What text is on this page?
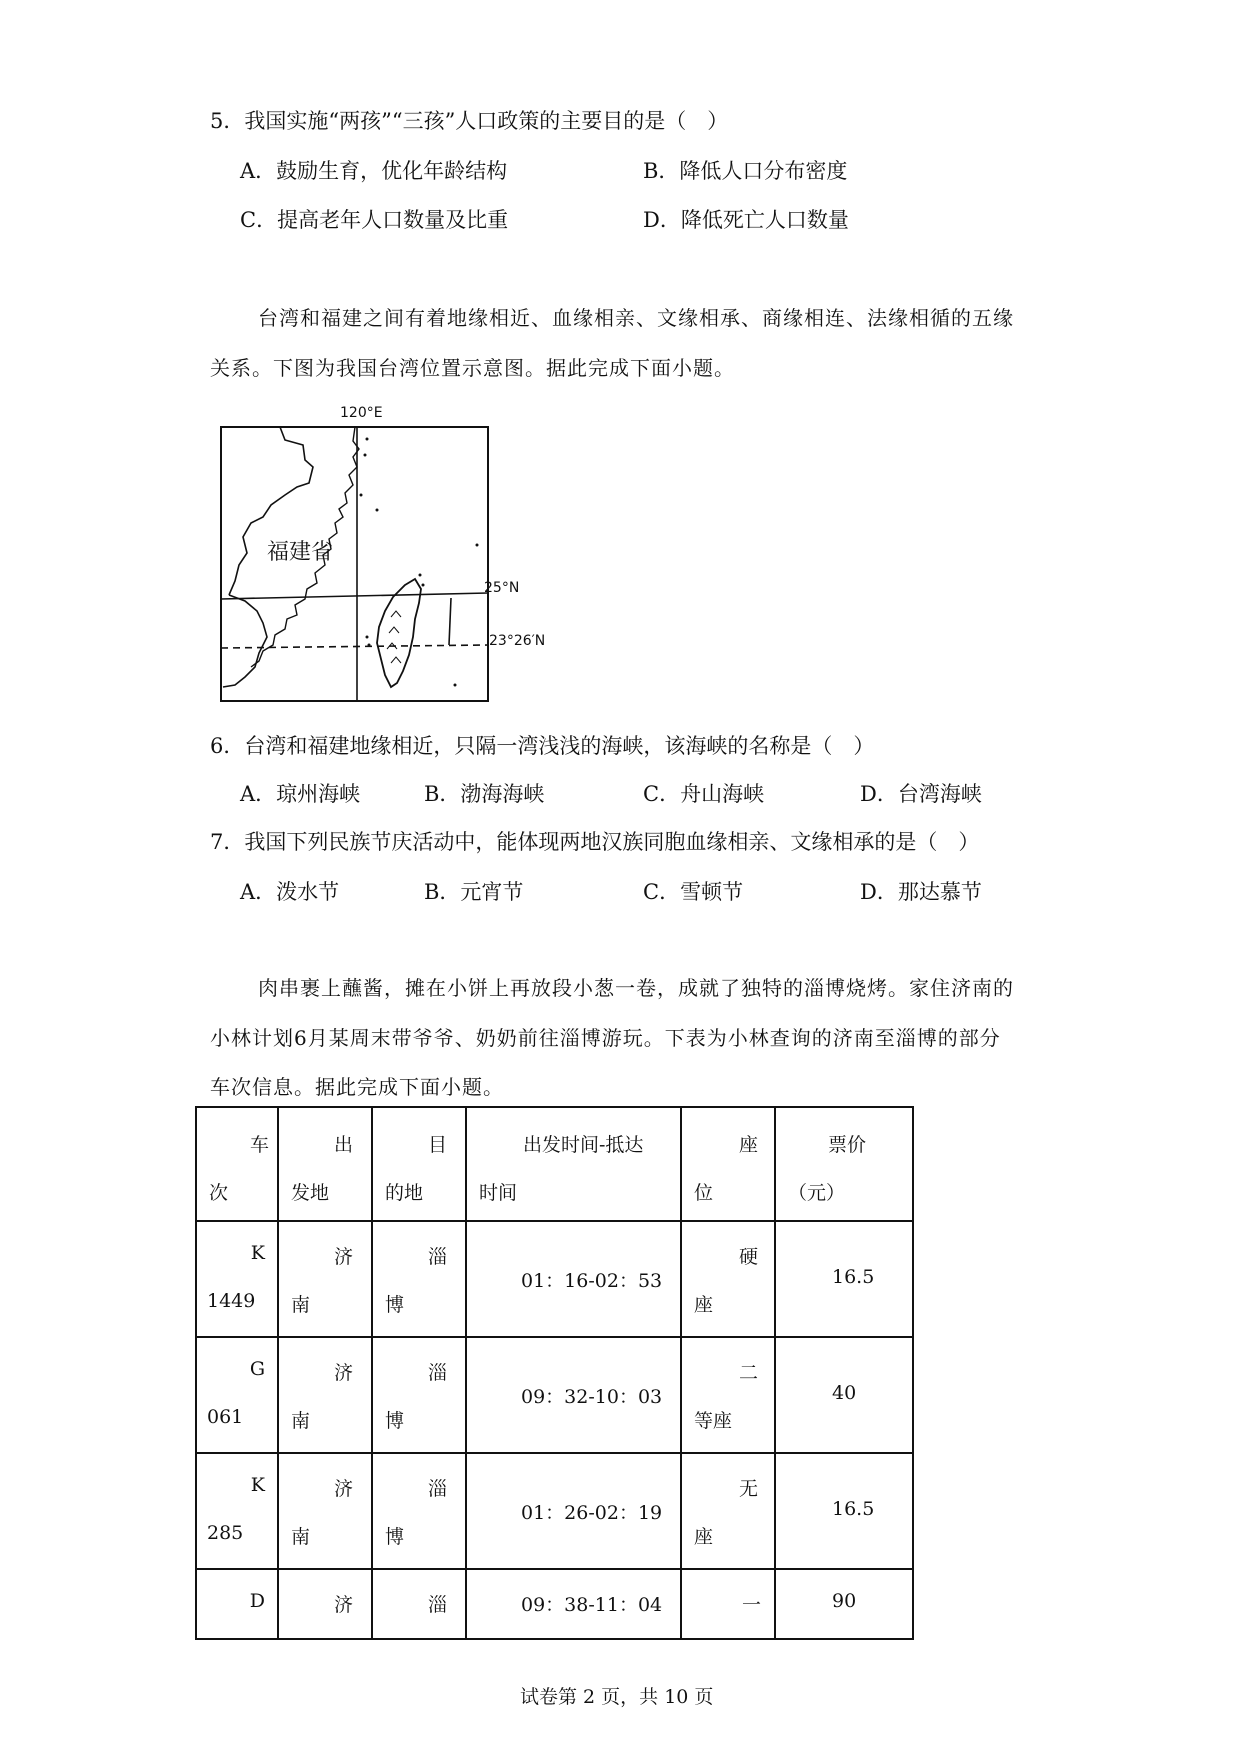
5．我国实施“两孩”“三孩”人口政策的主要目的是（　）
A．鼓励生育，优化年龄结构	B．降低人口分布密度
C．提高老年人口数量及比重	D．降低死亡人口数量
台湾和福建之间有着地缘相近、血缘相亲、文缘相承、商缘相连、法缘相循的五缘
关系。下图为我国台湾位置示意图。据此完成下面小题。
120°E
25°N
23°26′N
福建省
6．台湾和福建地缘相近，只隔一湾浅浅的海峡，该海峡的名称是（　）
A．琼州海峡	B．渤海海峡	C．舟山海峡	D．台湾海峡
7．我国下列民族节庆活动中，能体现两地汉族同胞血缘相亲、文缘相承的是（　）
A．泼水节	B．元宵节	C．雪顿节	D．那达慕节
肉串裹上蘸酱，摊在小饼上再放段小葱一卷，成就了独特的淄博烧烤。家住济南的
小林计划6月某周末带爷爷、奶奶前往淄博游玩。下表为小林查询的济南至淄博的部分
车次信息。据此完成下面小题。
车
次	出
发地	目
的地	出发时间-抵达
时间	座
位	票价
（元）

K
1449	济
南	淄
博	01：16-02：53	硬
座	16.5

G
061	济
南	淄
博	09：32-10：03	二
等座	40

K
285	济
南	淄
博	01：26-02：19	无
座	16.5

D	济	淄	09：38-11：04	一	90
试卷第 2 页，共 10 页
